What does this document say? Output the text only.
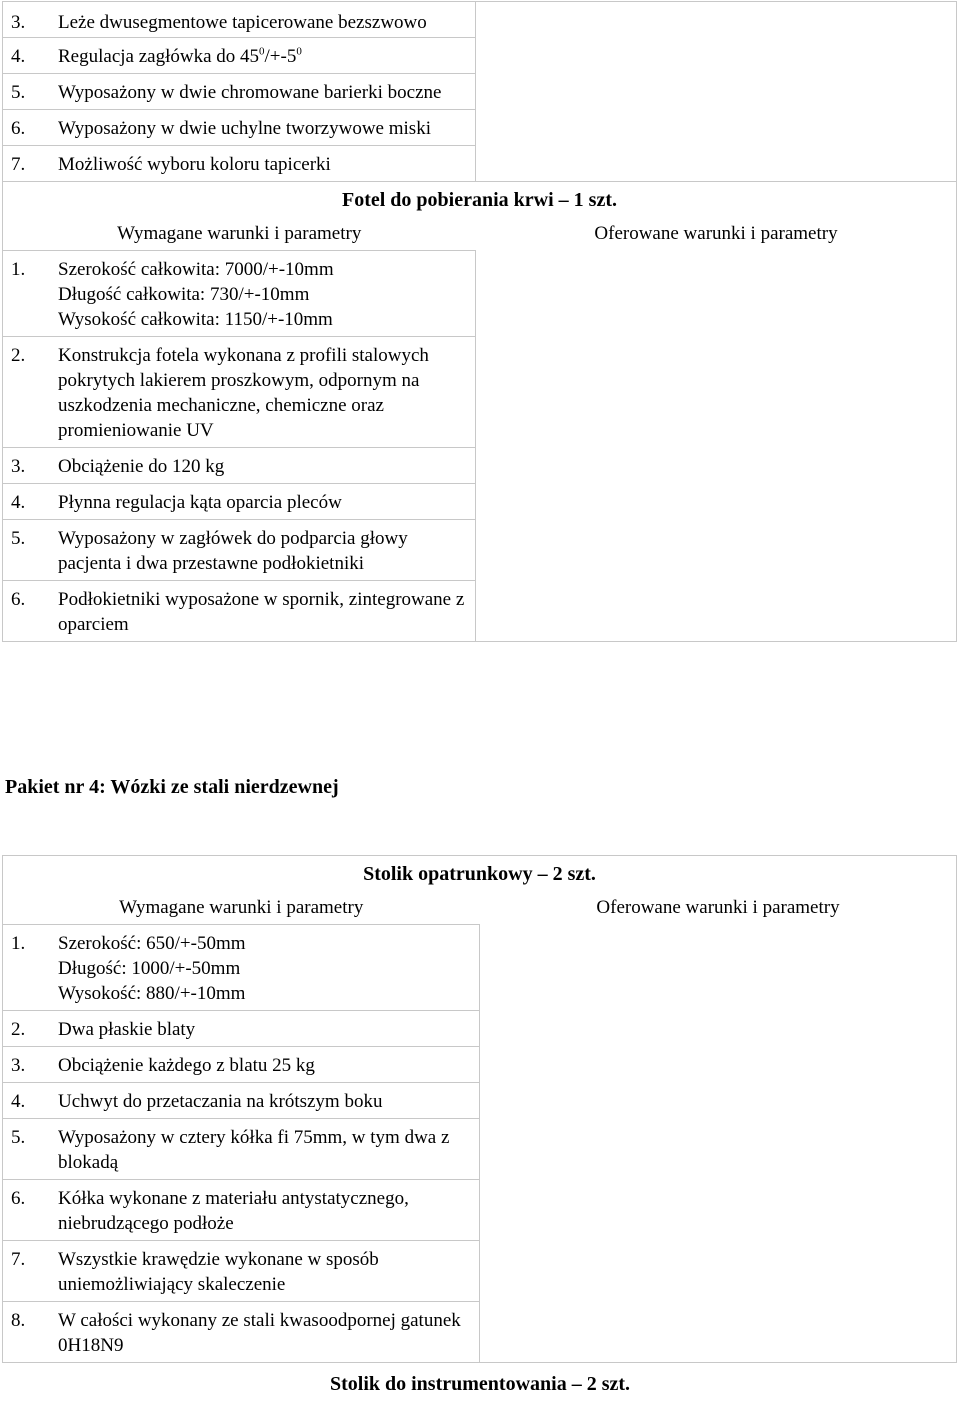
3. Leże dwusegmentowe tapicerowane bezszwowo	

4. Regulacja zagłówka do $45^0/+-5^0$

5. Wyposażony w dwie chromowane barierki boczne	

6. Wyposażony w dwie uchylne tworzywowe miski	

7. Możliwość wyboru koloru tapicerki	

Fotel do pobierania krwi – 1 szt.	

Wymagane warunki i parametry	Oferowane warunki i parametry

1. Szerokość całkowita: 7000/+-10mm
Długość całkowita: 730/+-10mm
Wysokość całkowita: 1150/+-10mm	

2. Konstrukcja fotela wykonana z profili stalowych pokrytych lakierem proszkowym, odpornym na uszkodzenia mechaniczne, chemiczne oraz promieniowanie UV	

3. Obciążenie do 120 kg	

4. Płynna regulacja kąta oparcia pleców	

5. Wyposażony w zagłówek do podparcia głowy pacjenta i dwa przestawne podłokietniki	

6. Podłokietniki wyposażone w spornik, zintegrowane z oparciem	
Pakiet nr 4: Wózki ze stali nierdzewnej
Stolik opatrunkowy – 2 szt.

Wymagane warunki i parametry	Oferowane warunki i parametry

1.	Szerokość: 650/+-50mm
Długość: 1000/+-50mm
Wysokość: 880/+-10mm

2.	Dwa płaskie blaty

3.	Obciążenie każdego z blatu 25 kg

4.	Uchwyt do przetaczania na krótszym boku

5.	Wyposażony w cztery kółka fi 75mm, w tym dwa z blokadą

6.	Kółka wykonane z materiału antystatycznego, niebrudzącego podłoże

7.	Wszystkie krawędzie wykonane w sposób uniemożliwiający skaleczenie

8.	W całości wykonany ze stali kwasoodpornej gatunek 0H18N9
Stolik do instrumentowania – 2 szt.
